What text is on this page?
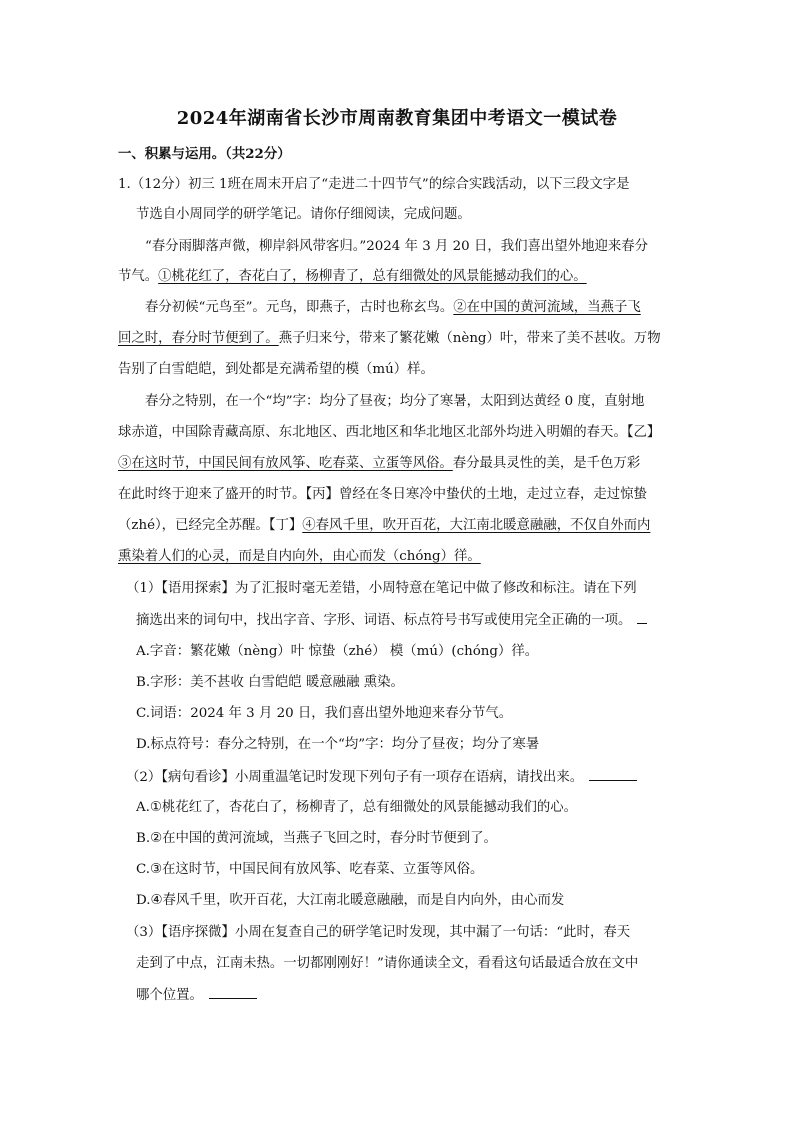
2024年湖南省长沙市周南教育集团中考语文一模试卷
一、积累与运用。（共22分）
1.（12分）初三 1班在周末开启了“走进二十四节气”的综合实践活动，以下三段文字是
节选自小周同学的研学笔记。请你仔细阅读，完成问题。
“春分雨脚落声微，柳岸斜风带客归。”2024 年 3 月 20 日，我们喜出望外地迎来春分
节气。①桃花红了，杏花白了，杨柳青了，总有细微处的风景能撼动我们的心。
春分初候“元鸟至”。元鸟，即燕子，古时也称玄鸟。②在中国的黄河流域，当燕子飞
回之时，春分时节便到了。燕子归来兮，带来了繁花嫩（nèng）叶，带来了美不甚收。万物
告别了白雪皑皑，到处都是充满希望的模（mú）样。
春分之特别，在一个“均”字：均分了昼夜；均分了寒暑，太阳到达黄经 0 度，直射地
球赤道，中国除青藏高原、东北地区、西北地区和华北地区北部外均进入明媚的春天。【乙】
③在这时节，中国民间有放风筝、吃春菜、立蛋等风俗。春分最具灵性的美，是千色万彩
在此时终于迎来了盛开的时节。【丙】曾经在冬日寒冷中蛰伏的土地，走过立春，走过惊蛰
（zhé），已经完全苏醒。【丁】④春风千里，吹开百花，大江南北暖意融融，不仅自外而内
熏染着人们的心灵，而是自内向外，由心而发（chóng）徉。
（1）【语用探索】为了汇报时毫无差错，小周特意在笔记中做了修改和标注。请在下列
摘选出来的词句中，找出字音、字形、词语、标点符号书写或使用完全正确的一项。
A.字音：繁花嫩（nèng）叶 惊蛰（zhé） 模（mú）(chóng）徉。
B.字形：美不甚收 白雪皑皑 暖意融融 熏染。
C.词语：2024 年 3 月 20 日，我们喜出望外地迎来春分节气。
D.标点符号：春分之特别，在一个“均”字：均分了昼夜；均分了寒暑
（2）【病句看诊】小周重温笔记时发现下列句子有一项存在语病，请找出来。
A.①桃花红了，杏花白了，杨柳青了，总有细微处的风景能撼动我们的心。
B.②在中国的黄河流域，当燕子飞回之时，春分时节便到了。
C.③在这时节，中国民间有放风筝、吃春菜、立蛋等风俗。
D.④春风千里，吹开百花，大江南北暖意融融，而是自内向外，由心而发
（3）【语序探微】小周在复查自己的研学笔记时发现，其中漏了一句话：“此时，春天
走到了中点，江南未热。一切都刚刚好！”请你通读全文，看看这句话最适合放在文中
哪个位置。
